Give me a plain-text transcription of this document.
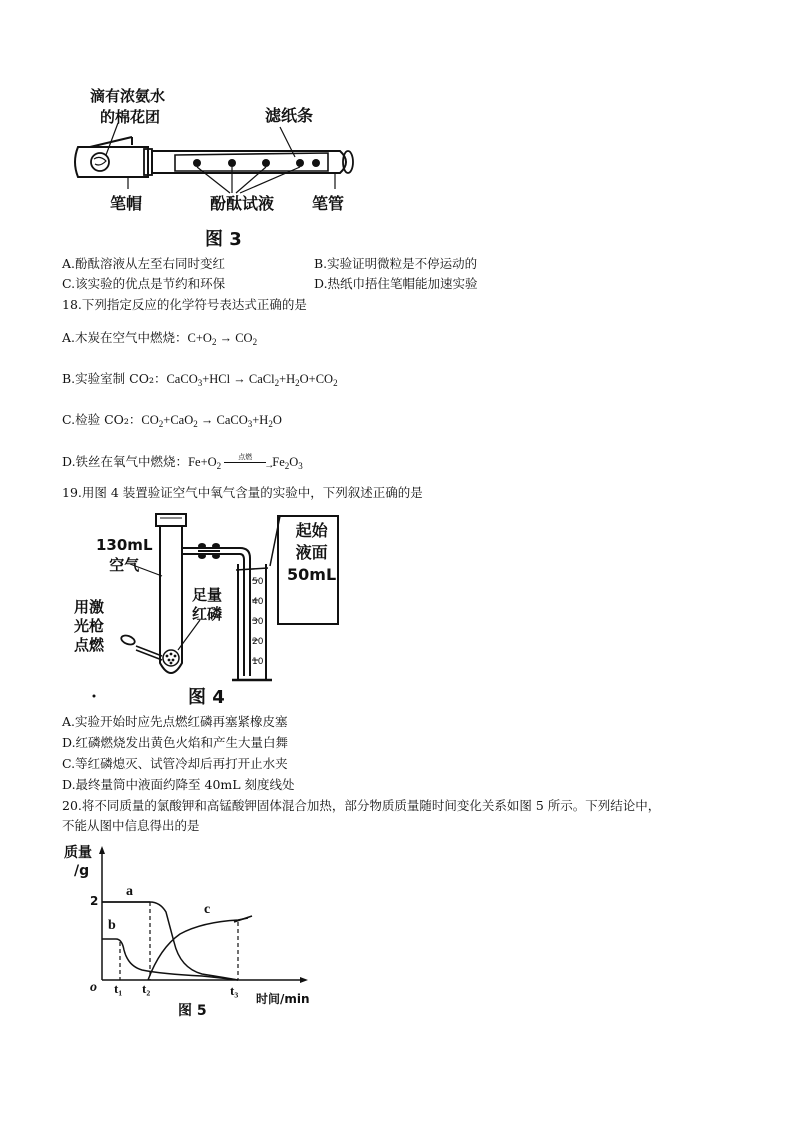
滴有浓氨水
的棉花团	滤纸条
笔帽	酚酞试液 笔管
图 3
A.酚酞溶液从左至右同时变红	B.实验证明微粒是不停运动的
C.该实验的优点是节约和环保	D.热纸巾捂住笔帽能加速实验
18.下列指定反应的化学符号表达式正确的是
A.木炭在空气中燃烧：$C+O_2 \to CO_2$
B.实验室制 CO₂：CaCO$_3$+HCl → $CaCl_2+H_2O+CO_2$
C.检验 CO₂：$CO_2+CaO_2$ → $CaCO_3+H_2O$
D.铁丝在氧气中燃烧：$Fe+O_2$
点燃
→
$Fe_2O_3$
19.用图 4 装置验证空气中氧气含量的实验中，下列叙述正确的是
130mL
空气
起始
液面
50mL
用激
光枪
点燃
足量
红磷
50
40
30
20
10
图 4
A.实验开始时应先点燃红磷再塞紧橡皮塞
D.红磷燃烧发出黄色火焰和产生大量白舞
C.等红磷熄灭、试管冷却后再打开止水夹
D.最终量筒中液面约降至 40mL 刻度线处
20.将不同质量的氯酸钾和高锰酸钾固体混合加热，部分物质质量随时间变化关系如图 5 所示。下列结论中，
不能从图中信息得出的是
质量
/g
2
o t₁ t₂	t₃
时间/min
a
b
c
图 5
